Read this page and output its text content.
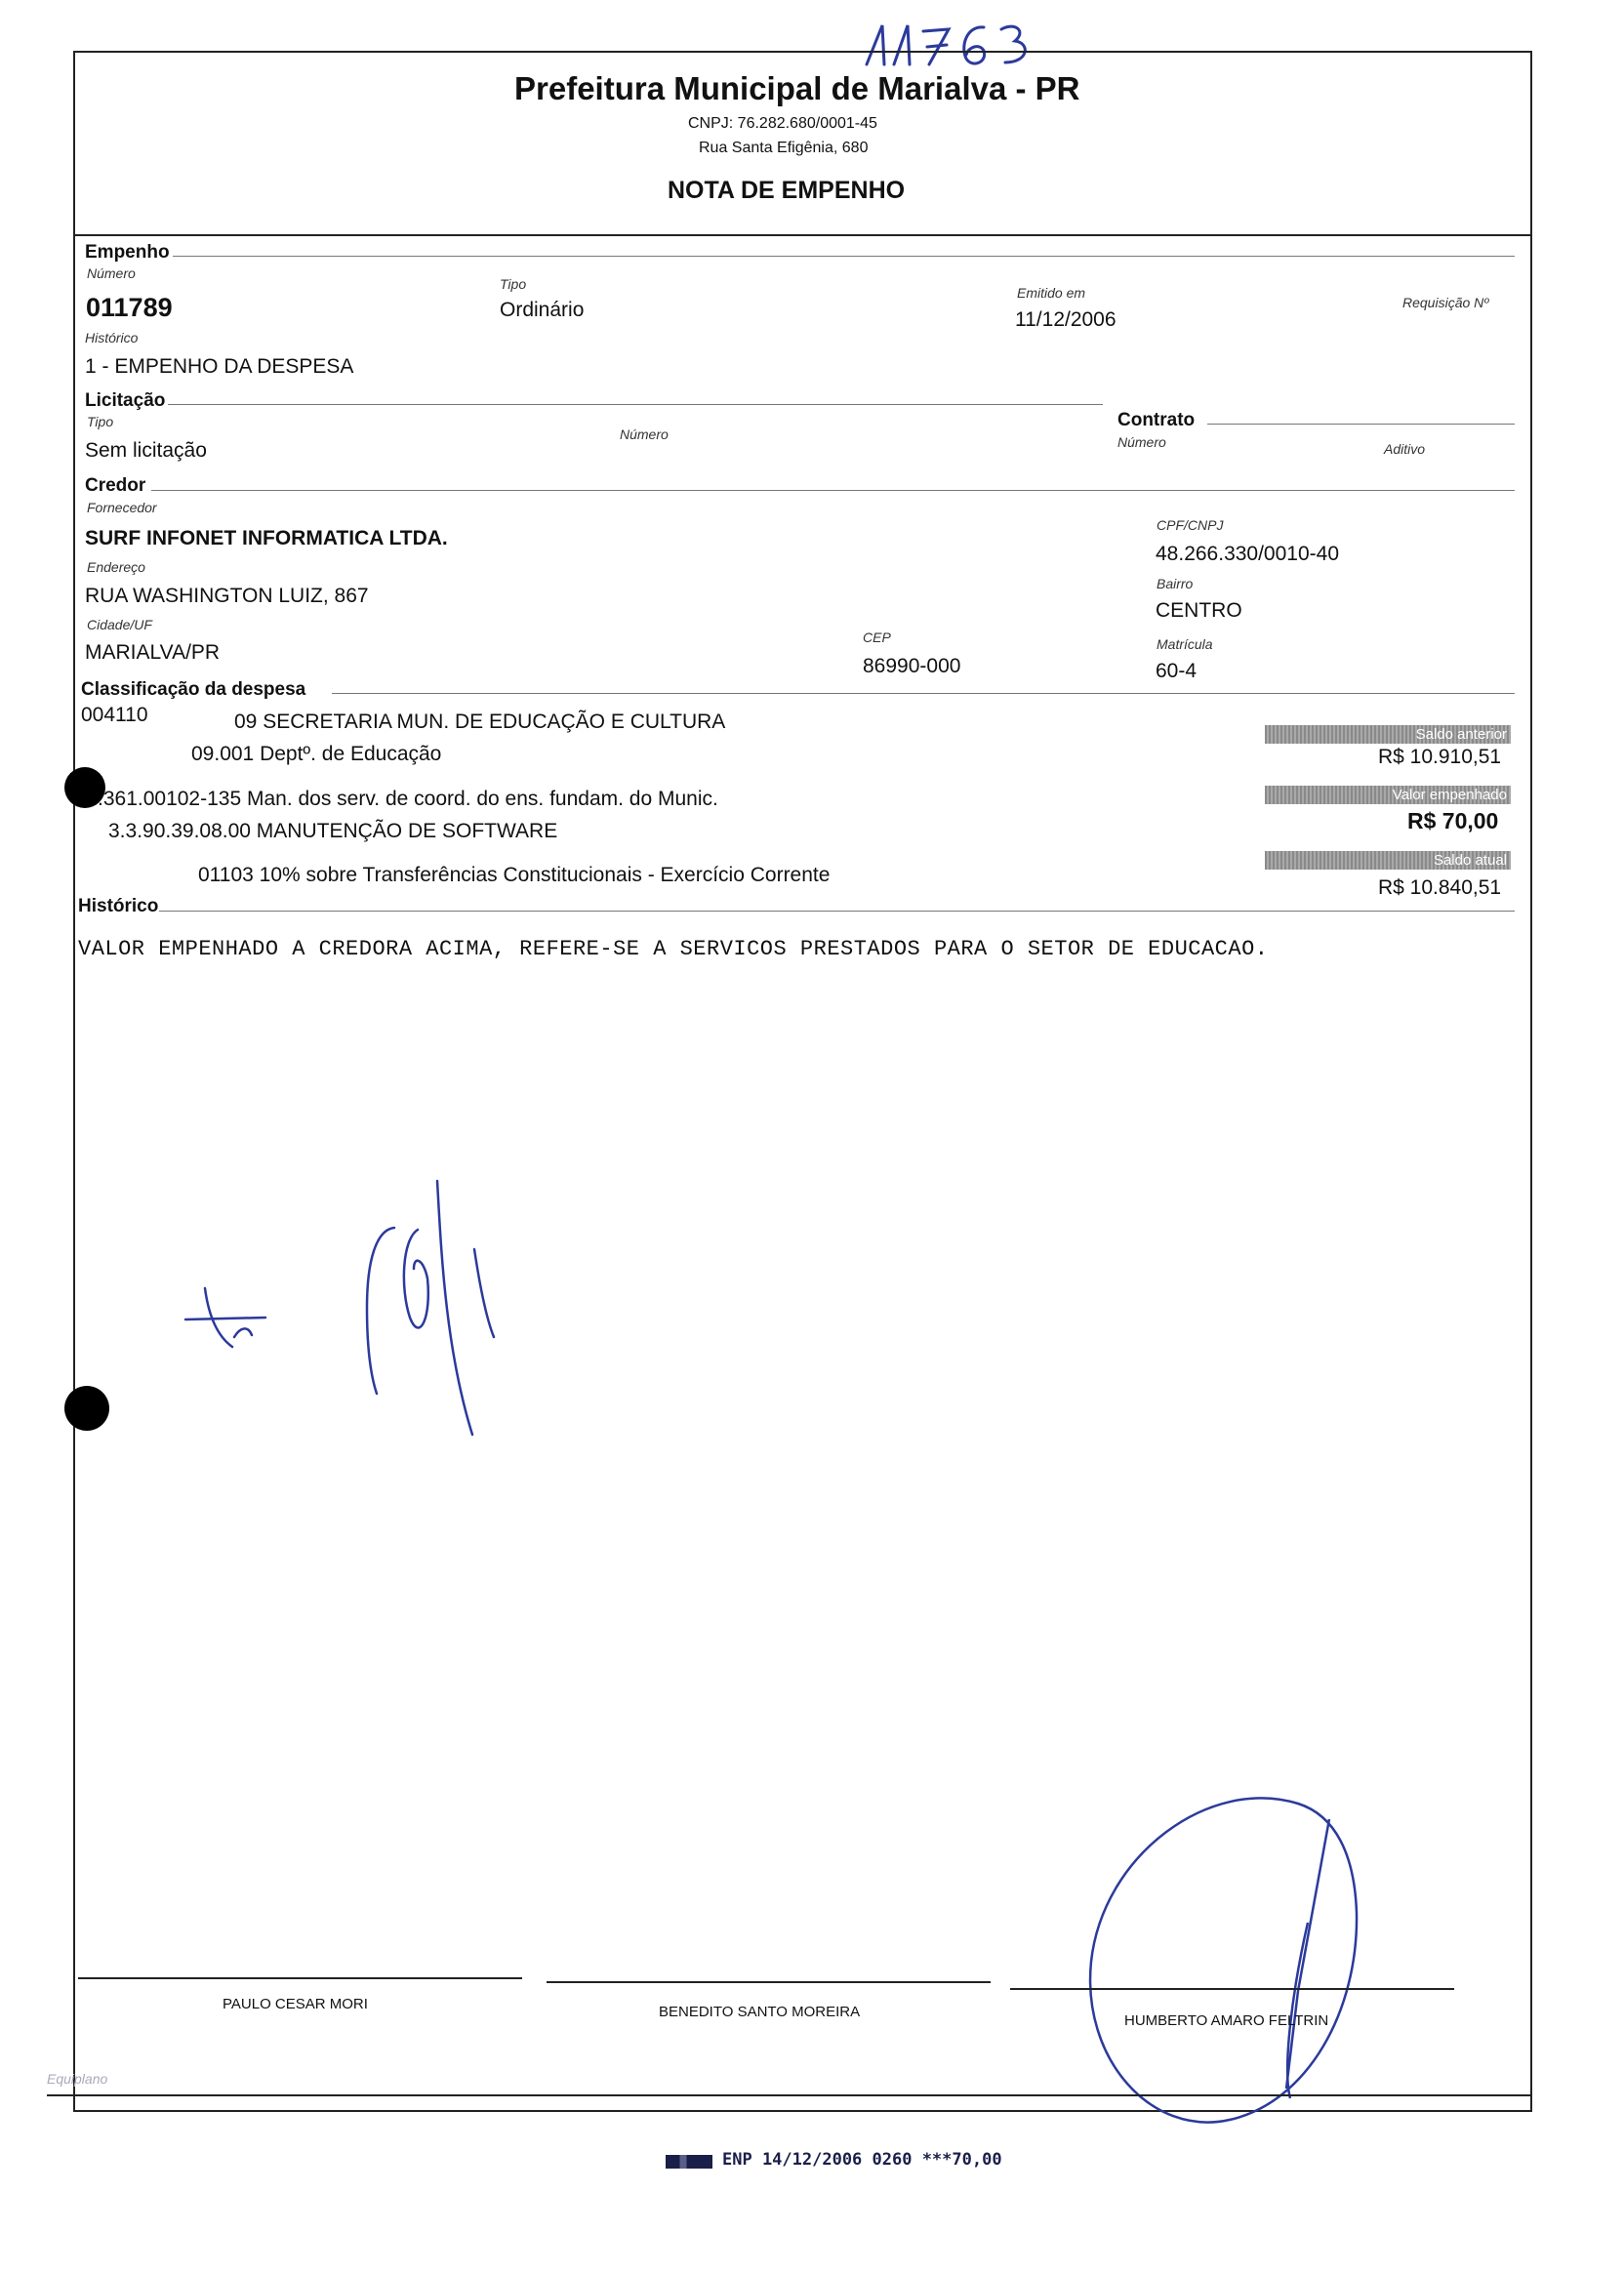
Prefeitura Municipal de Marialva - PR
CNPJ: 76.282.680/0001-45
Rua Santa Efigênia, 680
NOTA DE EMPENHO
Empenho
Número
011789
Tipo
Ordinário
Emitido em
11/12/2006
Requisição Nº
Histórico
1 - EMPENHO DA DESPESA
Licitação
Tipo
Sem licitação
Número
Contrato
Número	Aditivo
Credor
Fornecedor
SURF INFONET INFORMATICA LTDA.
CPF/CNPJ
48.266.330/0010-40
Endereço
RUA WASHINGTON LUIZ, 867
Bairro
CENTRO
Cidade/UF
MARIALVA/PR
CEP
86990-000
Matrícula
60-4
Classificação da despesa
004110	09 SECRETARIA MUN. DE EDUCAÇÃO E CULTURA
09.001 Deptº. de Educação
.361.00102-135 Man. dos serv. de coord. do ens. fundam. do Munic.
3.3.90.39.08.00 MANUTENÇÃO DE SOFTWARE
01103 10% sobre Transferências Constitucionais - Exercício Corrente
Saldo anterior
R$ 10.910,51
Valor empenhado
R$ 70,00
Saldo atual
R$ 10.840,51
Histórico
VALOR EMPENHADO A CREDORA ACIMA, REFERE-SE A SERVICOS PRESTADOS PARA O SETOR DE EDUCACAO.
PAULO CESAR MORI	BENEDITO SANTO MOREIRA
HUMBERTO AMARO FELTRIN
Equiplano
ENP 14/12/2006 0260 ***70,00
